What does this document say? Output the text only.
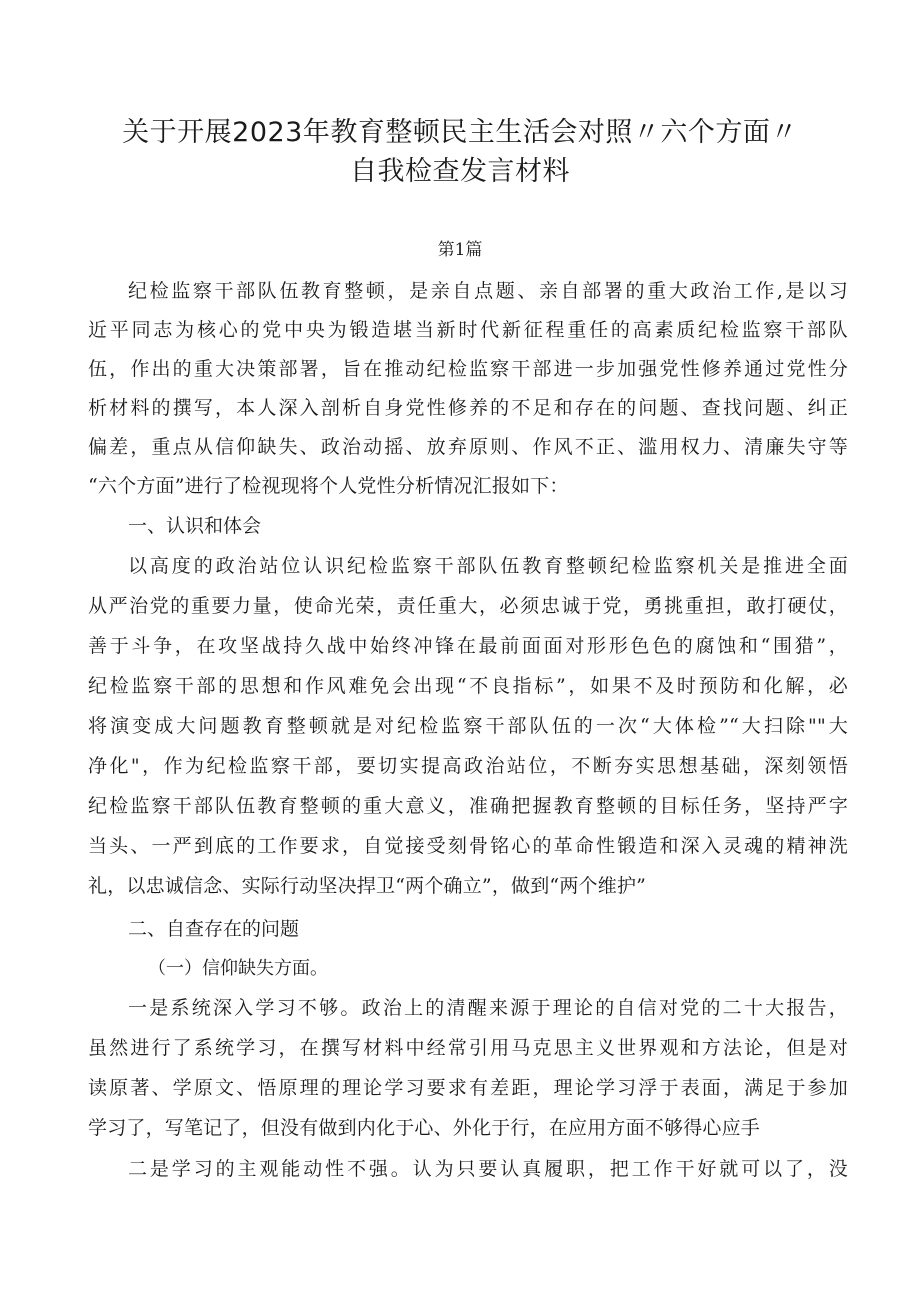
关于开展2023年教育整顿民主生活会对照〃六个方面〃
自我检查发言材料
第1篇
纪检监察干部队伍教育整顿，是亲自点题、亲自部署的重大政治工作,是以习
近平同志为核心的党中央为锻造堪当新时代新征程重任的高素质纪检监察干部队
伍，作出的重大决策部署，旨在推动纪检监察干部进一步加强党性修养通过党性分
析材料的撰写，本人深入剖析自身党性修养的不足和存在的问题、查找问题、纠正
偏差，重点从信仰缺失、政治动摇、放弃原则、作风不正、滥用权力、清廉失守等
“六个方面”进行了检视现将个人党性分析情况汇报如下：
一、认识和体会
以高度的政治站位认识纪检监察干部队伍教育整顿纪检监察机关是推进全面
从严治党的重要力量，使命光荣，责任重大，必须忠诚于党，勇挑重担，敢打硬仗，
善于斗争，在攻坚战持久战中始终冲锋在最前面面对形形色色的腐蚀和“围猎”，
纪检监察干部的思想和作风难免会出现“不良指标”，如果不及时预防和化解，必
将演变成大问题教育整顿就是对纪检监察干部队伍的一次“大体检”“大扫除""大
净化"，作为纪检监察干部，要切实提高政治站位，不断夯实思想基础，深刻领悟
纪检监察干部队伍教育整顿的重大意义，准确把握教育整顿的目标任务，坚持严字
当头、一严到底的工作要求，自觉接受刻骨铭心的革命性锻造和深入灵魂的精神洗
礼，以忠诚信念、实际行动坚决捍卫“两个确立”，做到“两个维护”
二、自查存在的问题
（一）信仰缺失方面。
一是系统深入学习不够。政治上的清醒来源于理论的自信对党的二十大报告，
虽然进行了系统学习，在撰写材料中经常引用马克思主义世界观和方法论，但是对
读原著、学原文、悟原理的理论学习要求有差距，理论学习浮于表面，满足于参加
学习了，写笔记了，但没有做到内化于心、外化于行，在应用方面不够得心应手
二是学习的主观能动性不强。认为只要认真履职，把工作干好就可以了，没
